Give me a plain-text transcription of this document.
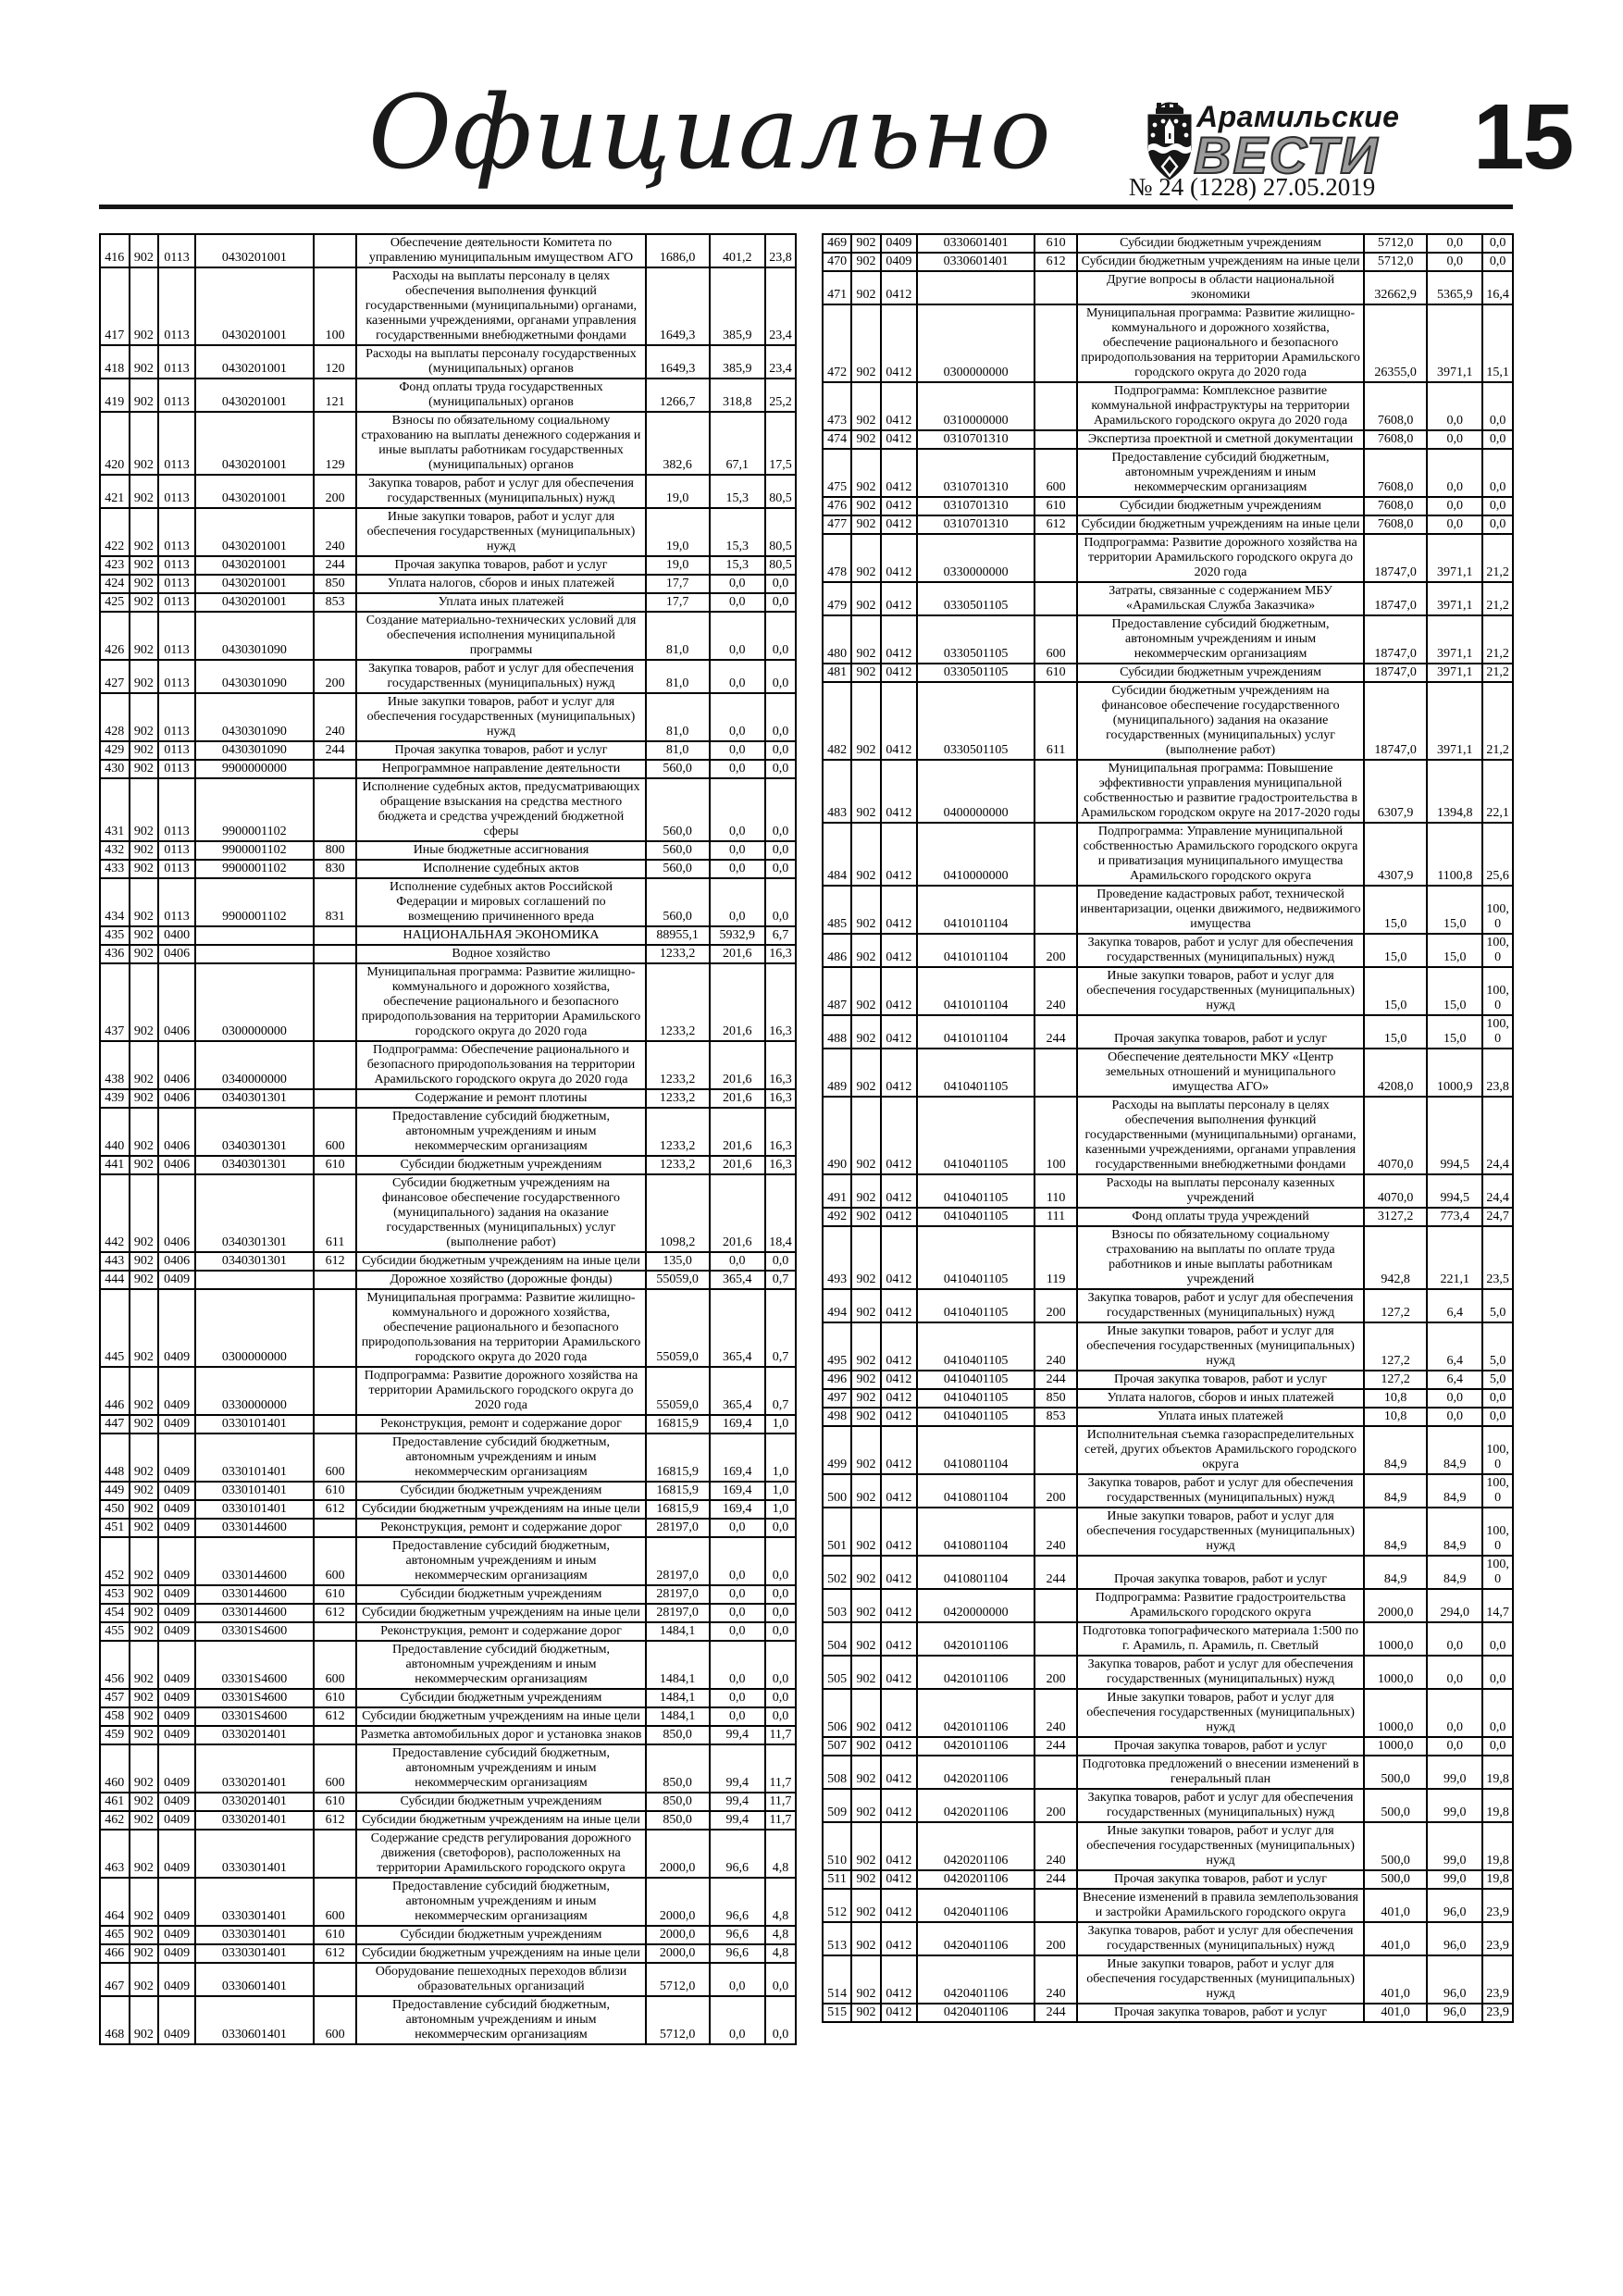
Официально	Арамильские
ВЕСТИ
№ 24 (1228) 27.05.2019 15
416	902	0113	0430201001		Обеспечение деятельности Комитета по управлению муниципальным имуществом АГО	1686,0	401,2	23,8
417	902	0113	0430201001	100	Расходы на выплаты персоналу в целях обеспечения выполнения функций государственными (муниципальными) органами, казенными учреждениями, органами управления государственными внебюджетными фондами	1649,3	385,9	23,4
418	902	0113	0430201001	120	Расходы на выплаты персоналу государственных (муниципальных) органов	1649,3	385,9	23,4
419	902	0113	0430201001	121	Фонд оплаты труда государственных (муниципальных) органов	1266,7	318,8	25,2
420	902	0113	0430201001	129	Взносы по обязательному социальному страхованию на выплаты денежного содержания и иные выплаты работникам государственных (муниципальных) органов	382,6	67,1	17,5
421	902	0113	0430201001	200	Закупка товаров, работ и услуг для обеспечения государственных (муниципальных) нужд	19,0	15,3	80,5
422	902	0113	0430201001	240	Иные закупки товаров, работ и услуг для обеспечения государственных (муниципальных) нужд	19,0	15,3	80,5
423	902	0113	0430201001	244	Прочая закупка товаров, работ и услуг	19,0	15,3	80,5
424	902	0113	0430201001	850	Уплата налогов, сборов и иных платежей	17,7	0,0	0,0
425	902	0113	0430201001	853	Уплата иных платежей	17,7	0,0	0,0
426	902	0113	0430301090		Создание материально-технических условий для обеспечения исполнения муниципальной программы	81,0	0,0	0,0
427	902	0113	0430301090	200	Закупка товаров, работ и услуг для обеспечения государственных (муниципальных) нужд	81,0	0,0	0,0
428	902	0113	0430301090	240	Иные закупки товаров, работ и услуг для обеспечения государственных (муниципальных) нужд	81,0	0,0	0,0
429	902	0113	0430301090	244	Прочая закупка товаров, работ и услуг	81,0	0,0	0,0
430	902	0113	9900000000		Непрограммное направление деятельности	560,0	0,0	0,0
431	902	0113	9900001102		Исполнение судебных актов, предусматривающих обращение взыскания на средства местного бюджета и средства учреждений бюджетной сферы	560,0	0,0	0,0
432	902	0113	9900001102	800	Иные бюджетные ассигнования	560,0	0,0	0,0
433	902	0113	9900001102	830	Исполнение судебных актов	560,0	0,0	0,0
434	902	0113	9900001102	831	Исполнение судебных актов Российской Федерации и мировых соглашений по возмещению причиненного вреда	560,0	0,0	0,0
435	902	0400			НАЦИОНАЛЬНАЯ ЭКОНОМИКА	88955,1	5932,9	6,7
436	902	0406			Водное хозяйство	1233,2	201,6	16,3
437	902	0406	0300000000		Муниципальная программа: Развитие жилищно-коммунального и дорожного хозяйства, обеспечение рационального и безопасного природопользования на территории Арамильского городского округа до 2020 года	1233,2	201,6	16,3
438	902	0406	0340000000		Подпрограмма: Обеспечение рационального и безопасного природопользования на территории Арамильского городского округа до 2020 года	1233,2	201,6	16,3
439	902	0406	0340301301		Содержание и ремонт плотины	1233,2	201,6	16,3
440	902	0406	0340301301	600	Предоставление субсидий бюджетным, автономным учреждениям и иным некоммерческим организациям	1233,2	201,6	16,3
441	902	0406	0340301301	610	Субсидии бюджетным учреждениям	1233,2	201,6	16,3
442	902	0406	0340301301	611	Субсидии бюджетным учреждениям на финансовое обеспечение государственного (муниципального) задания на оказание государственных (муниципальных) услуг (выполнение работ)	1098,2	201,6	18,4
443	902	0406	0340301301	612	Субсидии бюджетным учреждениям на иные цели	135,0	0,0	0,0
444	902	0409			Дорожное хозяйство (дорожные фонды)	55059,0	365,4	0,7
445	902	0409	0300000000		Муниципальная программа: Развитие жилищно-коммунального и дорожного хозяйства, обеспечение рационального и безопасного природопользования на территории Арамильского городского округа до 2020 года	55059,0	365,4	0,7
446	902	0409	0330000000		Подпрограмма: Развитие дорожного хозяйства на территории Арамильского городского округа до 2020 года	55059,0	365,4	0,7
447	902	0409	0330101401		Реконструкция, ремонт и содержание дорог	16815,9	169,4	1,0
448	902	0409	0330101401	600	Предоставление субсидий бюджетным, автономным учреждениям и иным некоммерческим организациям	16815,9	169,4	1,0
449	902	0409	0330101401	610	Субсидии бюджетным учреждениям	16815,9	169,4	1,0
450	902	0409	0330101401	612	Субсидии бюджетным учреждениям на иные цели	16815,9	169,4	1,0
451	902	0409	0330144600		Реконструкция, ремонт и содержание дорог	28197,0	0,0	0,0
452	902	0409	0330144600	600	Предоставление субсидий бюджетным, автономным учреждениям и иным некоммерческим организациям	28197,0	0,0	0,0
453	902	0409	0330144600	610	Субсидии бюджетным учреждениям	28197,0	0,0	0,0
454	902	0409	0330144600	612	Субсидии бюджетным учреждениям на иные цели	28197,0	0,0	0,0
455	902	0409	03301S4600		Реконструкция, ремонт и содержание дорог	1484,1	0,0	0,0
456	902	0409	03301S4600	600	Предоставление субсидий бюджетным, автономным учреждениям и иным некоммерческим организациям	1484,1	0,0	0,0
457	902	0409	03301S4600	610	Субсидии бюджетным учреждениям	1484,1	0,0	0,0
458	902	0409	03301S4600	612	Субсидии бюджетным учреждениям на иные цели	1484,1	0,0	0,0
459	902	0409	0330201401		Разметка автомобильных дорог и установка знаков	850,0	99,4	11,7
460	902	0409	0330201401	600	Предоставление субсидий бюджетным, автономным учреждениям и иным некоммерческим организациям	850,0	99,4	11,7
461	902	0409	0330201401	610	Субсидии бюджетным учреждениям	850,0	99,4	11,7
462	902	0409	0330201401	612	Субсидии бюджетным учреждениям на иные цели	850,0	99,4	11,7
463	902	0409	0330301401		Содержание средств регулирования дорожного движения (светофоров), расположенных на территории Арамильского городского округа	2000,0	96,6	4,8
464	902	0409	0330301401	600	Предоставление субсидий бюджетным, автономным учреждениям и иным некоммерческим организациям	2000,0	96,6	4,8
465	902	0409	0330301401	610	Субсидии бюджетным учреждениям	2000,0	96,6	4,8
466	902	0409	0330301401	612	Субсидии бюджетным учреждениям на иные цели	2000,0	96,6	4,8
467	902	0409	0330601401		Оборудование пешеходных переходов вблизи образовательных организаций	5712,0	0,0	0,0
468	902	0409	0330601401	600	Предоставление субсидий бюджетным, автономным учреждениям и иным некоммерческим организациям	5712,0	0,0	0,0
469	902	0409	0330601401	610	Субсидии бюджетным учреждениям	5712,0	0,0	0,0
470	902	0409	0330601401	612	Субсидии бюджетным учреждениям на иные цели	5712,0	0,0	0,0
471	902	0412			Другие вопросы в области национальной экономики	32662,9	5365,9	16,4
472	902	0412	0300000000		Муниципальная программа: Развитие жилищно-коммунального и дорожного хозяйства, обеспечение рационального и безопасного природопользования на территории Арамильского городского округа до 2020 года	26355,0	3971,1	15,1
473	902	0412	0310000000		Подпрограмма: Комплексное развитие коммунальной инфраструктуры на территории Арамильского городского округа до 2020 года	7608,0	0,0	0,0
474	902	0412	0310701310		Экспертиза проектной и сметной документации	7608,0	0,0	0,0
475	902	0412	0310701310	600	Предоставление субсидий бюджетным, автономным учреждениям и иным некоммерческим организациям	7608,0	0,0	0,0
476	902	0412	0310701310	610	Субсидии бюджетным учреждениям	7608,0	0,0	0,0
477	902	0412	0310701310	612	Субсидии бюджетным учреждениям на иные цели	7608,0	0,0	0,0
478	902	0412	0330000000		Подпрограмма: Развитие дорожного хозяйства на территории Арамильского городского округа до 2020 года	18747,0	3971,1	21,2
479	902	0412	0330501105		Затраты, связанные с содержанием МБУ «Арамильская Служба Заказчика»	18747,0	3971,1	21,2
480	902	0412	0330501105	600	Предоставление субсидий бюджетным, автономным учреждениям и иным некоммерческим организациям	18747,0	3971,1	21,2
481	902	0412	0330501105	610	Субсидии бюджетным учреждениям	18747,0	3971,1	21,2
482	902	0412	0330501105	611	Субсидии бюджетным учреждениям на финансовое обеспечение государственного (муниципального) задания на оказание государственных (муниципальных) услуг (выполнение работ)	18747,0	3971,1	21,2
483	902	0412	0400000000		Муниципальная программа: Повышение эффективности управления муниципальной собственностью и развитие градостроительства в Арамильском городском округе на 2017-2020 годы	6307,9	1394,8	22,1
484	902	0412	0410000000		Подпрограмма: Управление муниципальной собственностью Арамильского городского округа и приватизация муниципального имущества Арамильского городского округа	4307,9	1100,8	25,6
485	902	0412	0410101104		Проведение кадастровых работ, технической инвентаризации, оценки движимого, недвижимого имущества	15,0	15,0	100,0
486	902	0412	0410101104	200	Закупка товаров, работ и услуг для обеспечения государственных (муниципальных) нужд	15,0	15,0	100,0
487	902	0412	0410101104	240	Иные закупки товаров, работ и услуг для обеспечения государственных (муниципальных) нужд	15,0	15,0	100,0
488	902	0412	0410101104	244	Прочая закупка товаров, работ и услуг	15,0	15,0	100,0
489	902	0412	0410401105		Обеспечение деятельности МКУ «Центр земельных отношений и муниципального имущества АГО»	4208,0	1000,9	23,8
490	902	0412	0410401105	100	Расходы на выплаты персоналу в целях обеспечения выполнения функций государственными (муниципальными) органами, казенными учреждениями, органами управления государственными внебюджетными фондами	4070,0	994,5	24,4
491	902	0412	0410401105	110	Расходы на выплаты персоналу казенных учреждений	4070,0	994,5	24,4
492	902	0412	0410401105	111	Фонд оплаты труда учреждений	3127,2	773,4	24,7
493	902	0412	0410401105	119	Взносы по обязательному социальному страхованию на выплаты по оплате труда работников и иные выплаты работникам учреждений	942,8	221,1	23,5
494	902	0412	0410401105	200	Закупка товаров, работ и услуг для обеспечения государственных (муниципальных) нужд	127,2	6,4	5,0
495	902	0412	0410401105	240	Иные закупки товаров, работ и услуг для обеспечения государственных (муниципальных) нужд	127,2	6,4	5,0
496	902	0412	0410401105	244	Прочая закупка товаров, работ и услуг	127,2	6,4	5,0
497	902	0412	0410401105	850	Уплата налогов, сборов и иных платежей	10,8	0,0	0,0
498	902	0412	0410401105	853	Уплата иных платежей	10,8	0,0	0,0
499	902	0412	0410801104		Исполнительная съемка газораспределительных сетей, других объектов Арамильского городского округа	84,9	84,9	100,0
500	902	0412	0410801104	200	Закупка товаров, работ и услуг для обеспечения государственных (муниципальных) нужд	84,9	84,9	100,0
501	902	0412	0410801104	240	Иные закупки товаров, работ и услуг для обеспечения государственных (муниципальных) нужд	84,9	84,9	100,0
502	902	0412	0410801104	244	Прочая закупка товаров, работ и услуг	84,9	84,9	100,0
503	902	0412	0420000000		Подпрограмма: Развитие градостроительства Арамильского городского округа	2000,0	294,0	14,7
504	902	0412	0420101106		Подготовка топографического материала 1:500 по г. Арамиль, п. Арамиль, п. Светлый	1000,0	0,0	0,0
505	902	0412	0420101106	200	Закупка товаров, работ и услуг для обеспечения государственных (муниципальных) нужд	1000,0	0,0	0,0
506	902	0412	0420101106	240	Иные закупки товаров, работ и услуг для обеспечения государственных (муниципальных) нужд	1000,0	0,0	0,0
507	902	0412	0420101106	244	Прочая закупка товаров, работ и услуг	1000,0	0,0	0,0
508	902	0412	0420201106		Подготовка предложений о внесении изменений в генеральный план	500,0	99,0	19,8
509	902	0412	0420201106	200	Закупка товаров, работ и услуг для обеспечения государственных (муниципальных) нужд	500,0	99,0	19,8
510	902	0412	0420201106	240	Иные закупки товаров, работ и услуг для обеспечения государственных (муниципальных) нужд	500,0	99,0	19,8
511	902	0412	0420201106	244	Прочая закупка товаров, работ и услуг	500,0	99,0	19,8
512	902	0412	0420401106		Внесение изменений в правила землепользования и застройки Арамильского городского округа	401,0	96,0	23,9
513	902	0412	0420401106	200	Закупка товаров, работ и услуг для обеспечения государственных (муниципальных) нужд	401,0	96,0	23,9
514	902	0412	0420401106	240	Иные закупки товаров, работ и услуг для обеспечения государственных (муниципальных) нужд	401,0	96,0	23,9
515	902	0412	0420401106	244	Прочая закупка товаров, работ и услуг	401,0	96,0	23,9
